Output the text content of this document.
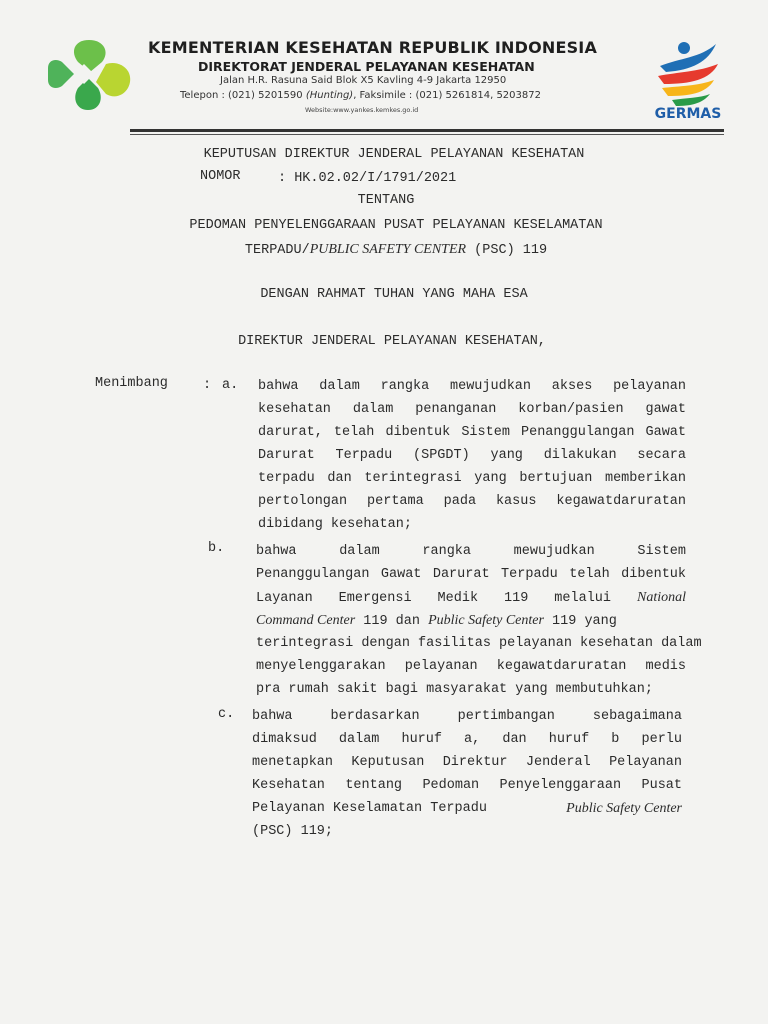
KEMENTERIAN KESEHATAN REPUBLIK INDONESIA
DIREKTORAT JENDERAL PELAYANAN KESEHATAN
Jalan H.R. Rasuna Said Blok X5 Kavling 4-9 Jakarta 12950
Telepon : (021) 5201590 (Hunting), Faksimile : (021) 5261814, 5203872
Website:www.yankes.kemkes.go.id	GERMAS
KEPUTUSAN DIREKTUR JENDERAL PELAYANAN KESEHATAN
NOMOR	: HK.02.02/I/1791/2021
TENTANG
PEDOMAN PENYELENGGARAAN PUSAT PELAYANAN KESELAMATAN
TERPADU/PUBLIC SAFETY CENTER (PSC) 119
DENGAN RAHMAT TUHAN YANG MAHA ESA
DIREKTUR JENDERAL PELAYANAN KESEHATAN,
Menimbang	: a. bahwa dalam rangka mewujudkan akses pelayanan
kesehatan dalam penanganan korban/pasien gawat
darurat, telah dibentuk Sistem Penanggulangan Gawat
Darurat Terpadu (SPGDT) yang dilakukan secara
terpadu dan terintegrasi yang bertujuan memberikan
pertolongan pertama pada kasus kegawatdaruratan
dibidang kesehatan;
b. bahwa dalam rangka mewujudkan Sistem
Penanggulangan Gawat Darurat Terpadu telah dibentuk
Layanan Emergensi Medik 119 melalui National
Command Center 119 dan Public Safety Center 119 yang
terintegrasi dengan fasilitas pelayanan kesehatan dalam
menyelenggarakan pelayanan kegawatdaruratan medis
pra rumah sakit bagi masyarakat yang membutuhkan;
c. bahwa berdasarkan pertimbangan sebagaimana
dimaksud dalam huruf a, dan huruf b perlu
menetapkan Keputusan Direktur Jenderal Pelayanan
Kesehatan tentang Pedoman Penyelenggaraan Pusat
Pelayanan Keselamatan Terpadu	Public Safety Center
(PSC) 119;
